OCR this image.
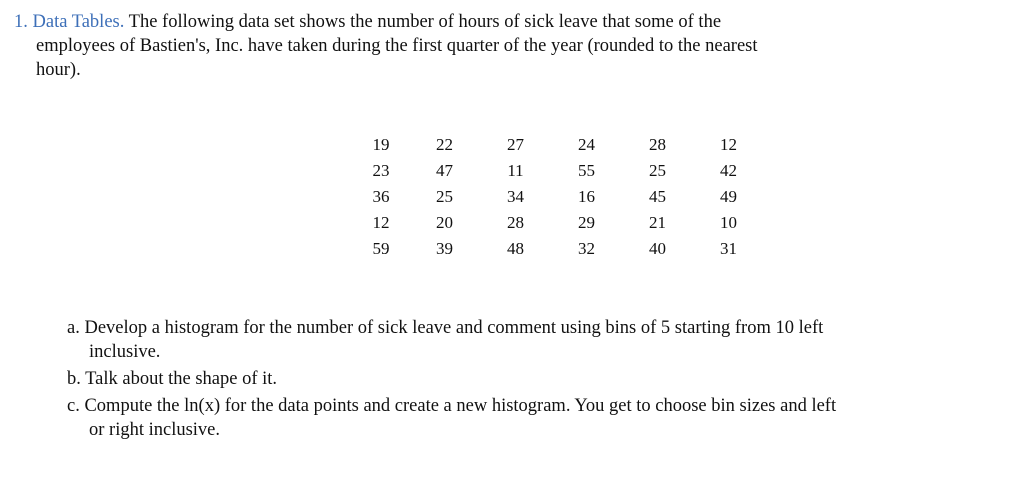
1. Data Tables. The following data set shows the number of hours of sick leave that some of the
employees of Bastien's, Inc. have taken during the first quarter of the year (rounded to the nearest
hour).
19	22	27	24	28	12
23	47	11	55	25	42
36	25	34	16	45	49
12	20	28	29	21	10
59	39	48	32	40	31
a. Develop a histogram for the number of sick leave and comment using bins of 5 starting from 10 left
inclusive.
b. Talk about the shape of it.
c. Compute the ln(x) for the data points and create a new histogram. You get to choose bin sizes and left
or right inclusive.
